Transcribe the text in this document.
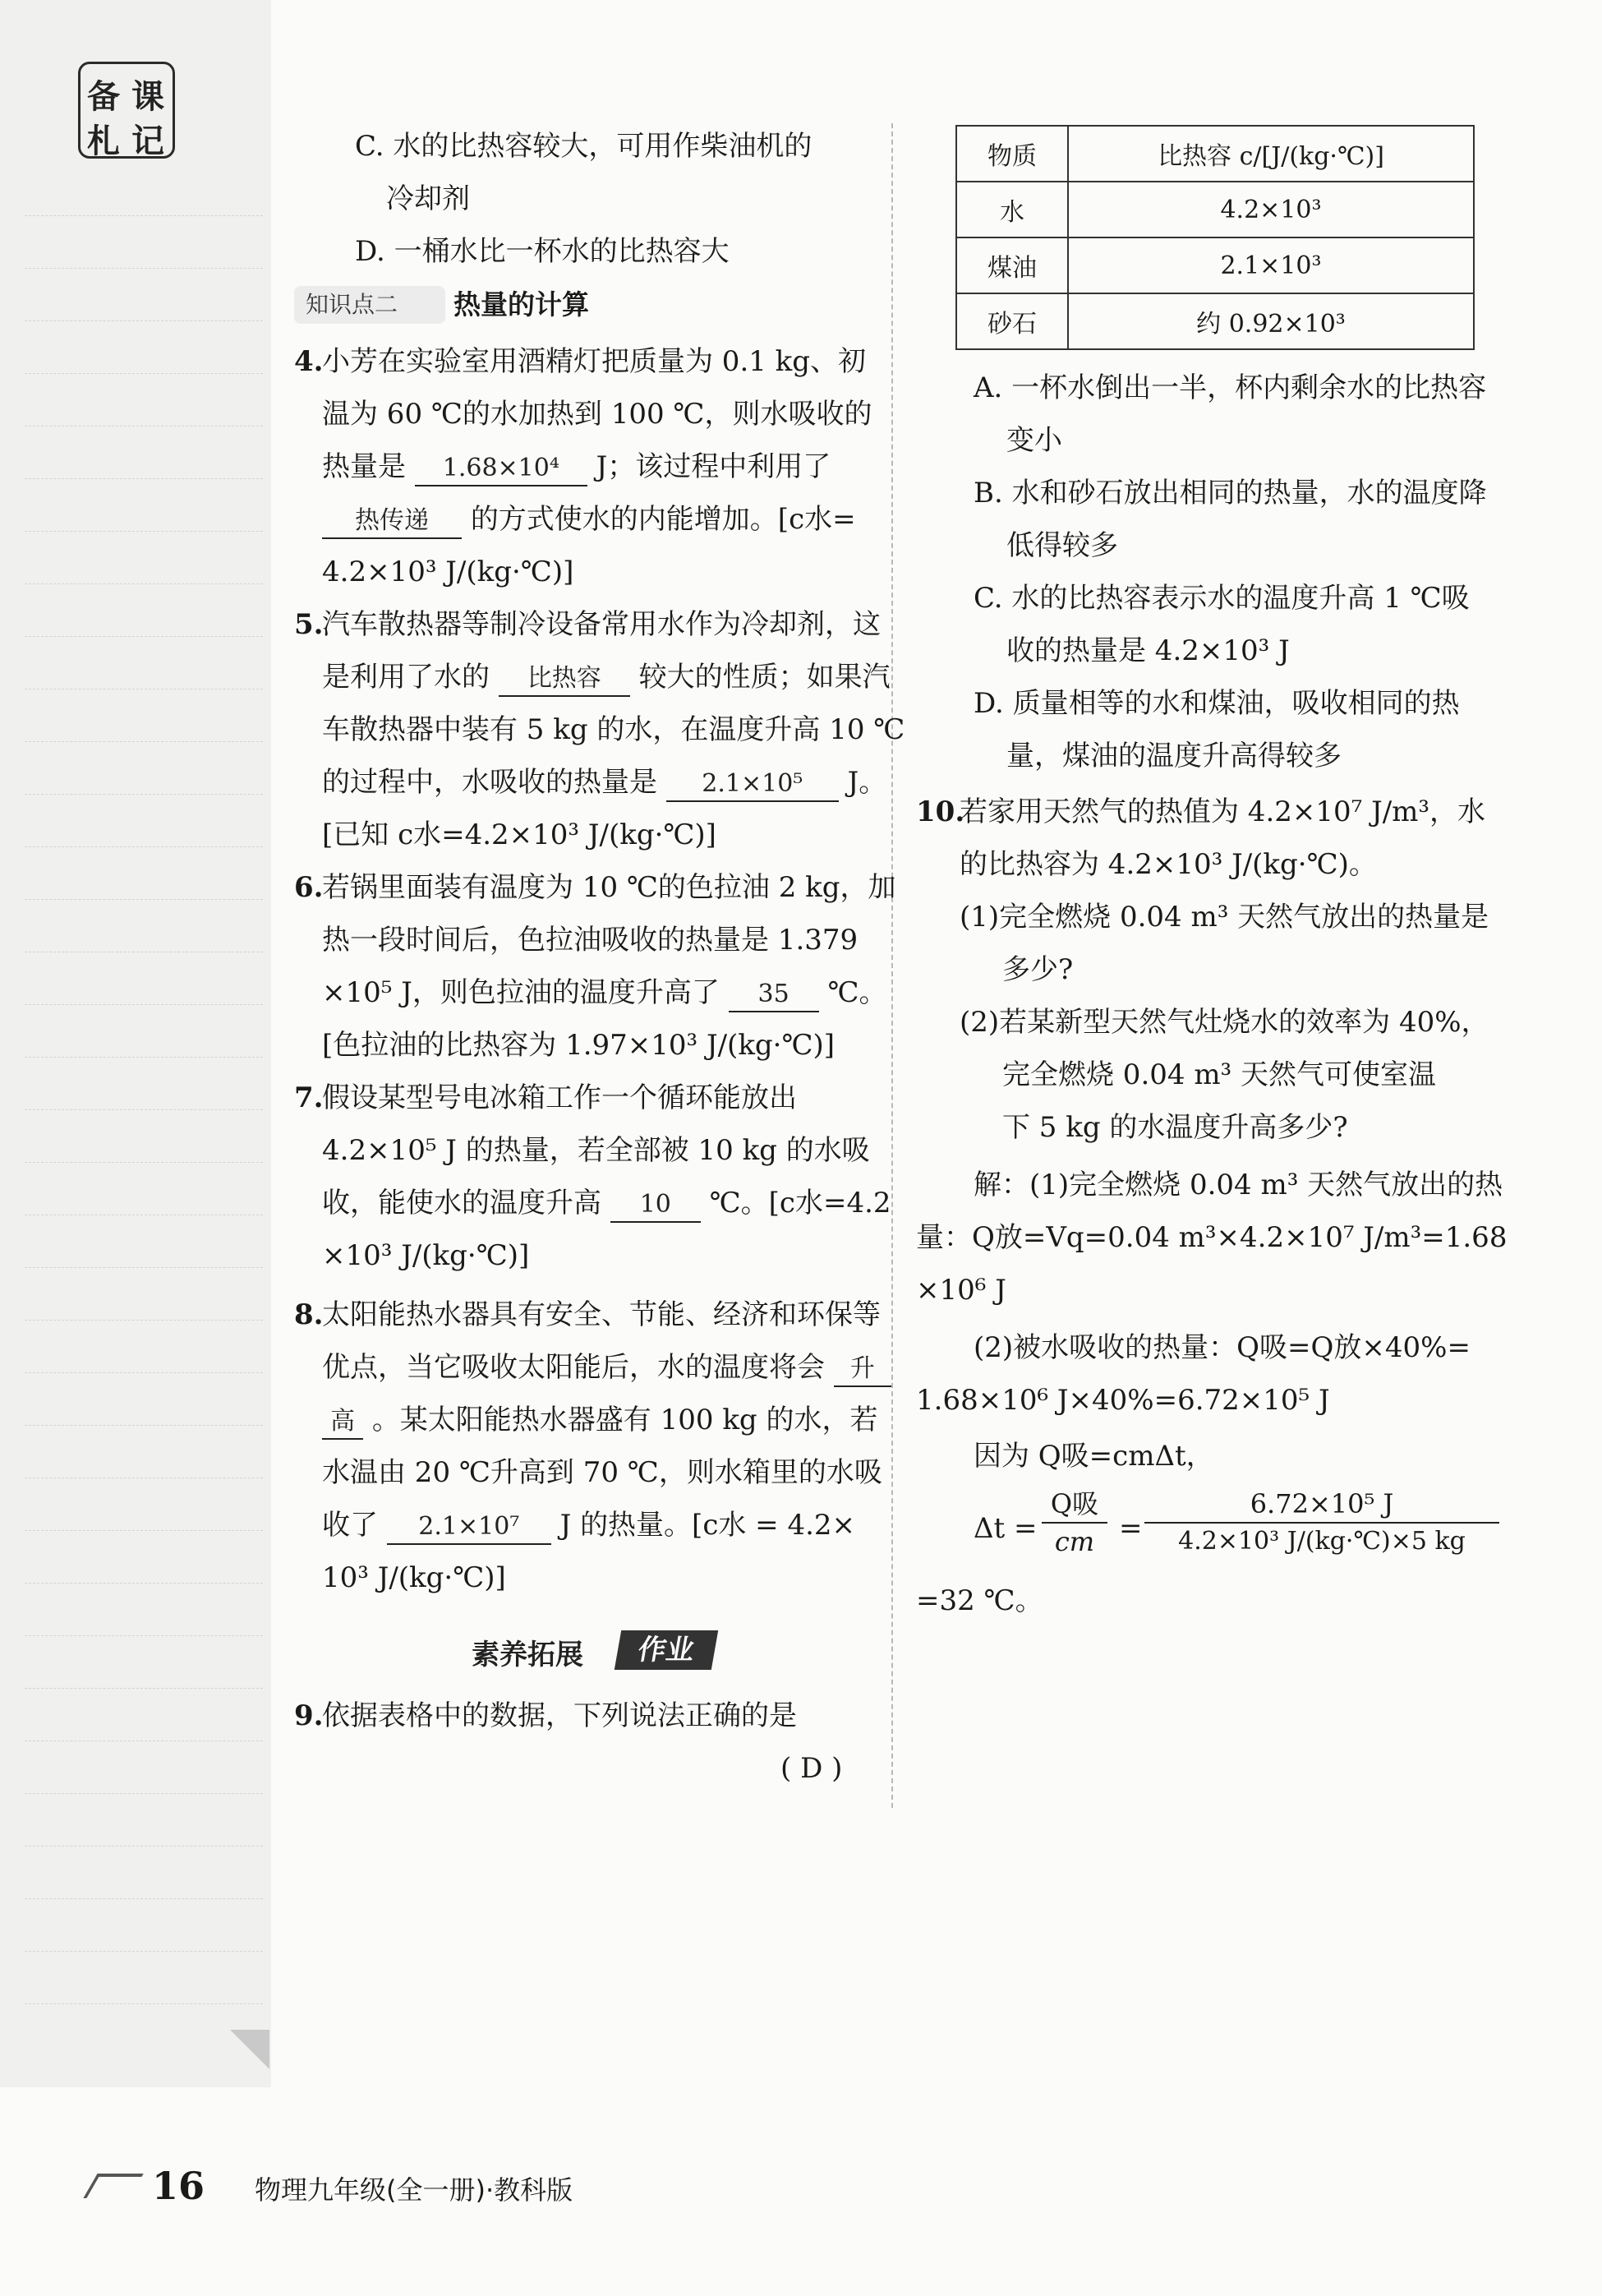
备 课
札 记	C. 水的比热容较大，可用作柴油机的
冷却剂
D. 一桶水比一杯水的比热容大
知识点二	热量的计算
4.
小芳在实验室用酒精灯把质量为 0.1 kg、初
温为 60 ℃的水加热到 100 ℃，则水吸收的
热量是 1.68×10⁴ J；该过程中利用了
热传递 的方式使水的内能增加。[c水=
4.2×10³ J/(kg·℃)]
5.
汽车散热器等制冷设备常用水作为冷却剂，这
是利用了水的 比热容 较大的性质；如果汽
车散热器中装有 5 kg 的水，在温度升高 10 ℃
的过程中，水吸收的热量是 2.1×10⁵ J。
[已知 c水=4.2×10³ J/(kg·℃)]
6.
若锅里面装有温度为 10 ℃的色拉油 2 kg，加
热一段时间后，色拉油吸收的热量是 1.379
×10⁵ J，则色拉油的温度升高了 35 ℃。
[色拉油的比热容为 1.97×10³ J/(kg·℃)]
7.
假设某型号电冰箱工作一个循环能放出
4.2×10⁵ J 的热量，若全部被 10 kg 的水吸
收，能使水的温度升高 10 ℃。[c水=4.2
×10³ J/(kg·℃)]
8.
太阳能热水器具有安全、节能、经济和环保等
优点，当它吸收太阳能后，水的温度将会 升
高 。某太阳能热水器盛有 100 kg 的水，若
水温由 20 ℃升高到 70 ℃，则水箱里的水吸
收了 2.1×10⁷ J 的热量。[c水 = 4.2×
10³ J/(kg·℃)]
素养拓展	作业
9.
依据表格中的数据，下列说法正确的是
( D )
物质	比热容 c/[J/(kg·℃)]
水	4.2×10³
煤油	2.1×10³
砂石	约 0.92×10³
A. 一杯水倒出一半，杯内剩余水的比热容
变小
B. 水和砂石放出相同的热量，水的温度降
低得较多
C. 水的比热容表示水的温度升高 1 ℃吸
收的热量是 4.2×10³ J
D. 质量相等的水和煤油，吸收相同的热
量，煤油的温度升高得较多
10.
若家用天然气的热值为 4.2×10⁷ J/m³，水
的比热容为 4.2×10³ J/(kg·℃)。
(1)完全燃烧 0.04 m³ 天然气放出的热量是
多少?
(2)若某新型天然气灶烧水的效率为 40%，
完全燃烧 0.04 m³ 天然气可使室温
下 5 kg 的水温度升高多少?
解：(1)完全燃烧 0.04 m³ 天然气放出的热
量：Q放=Vq=0.04 m³×4.2×10⁷ J/m³=1.68
×10⁶ J
(2)被水吸收的热量：Q吸=Q放×40%=
1.68×10⁶ J×40%=6.72×10⁵ J
因为 Q吸=cmΔt，
Δt =
Q吸
cm = $\frac{\text{6.72×10⁵ J}}{\text{4.2×10³ J/(kg·℃)×5 kg}}$
=32 ℃。
16 物理九年级(全一册)·教科版
